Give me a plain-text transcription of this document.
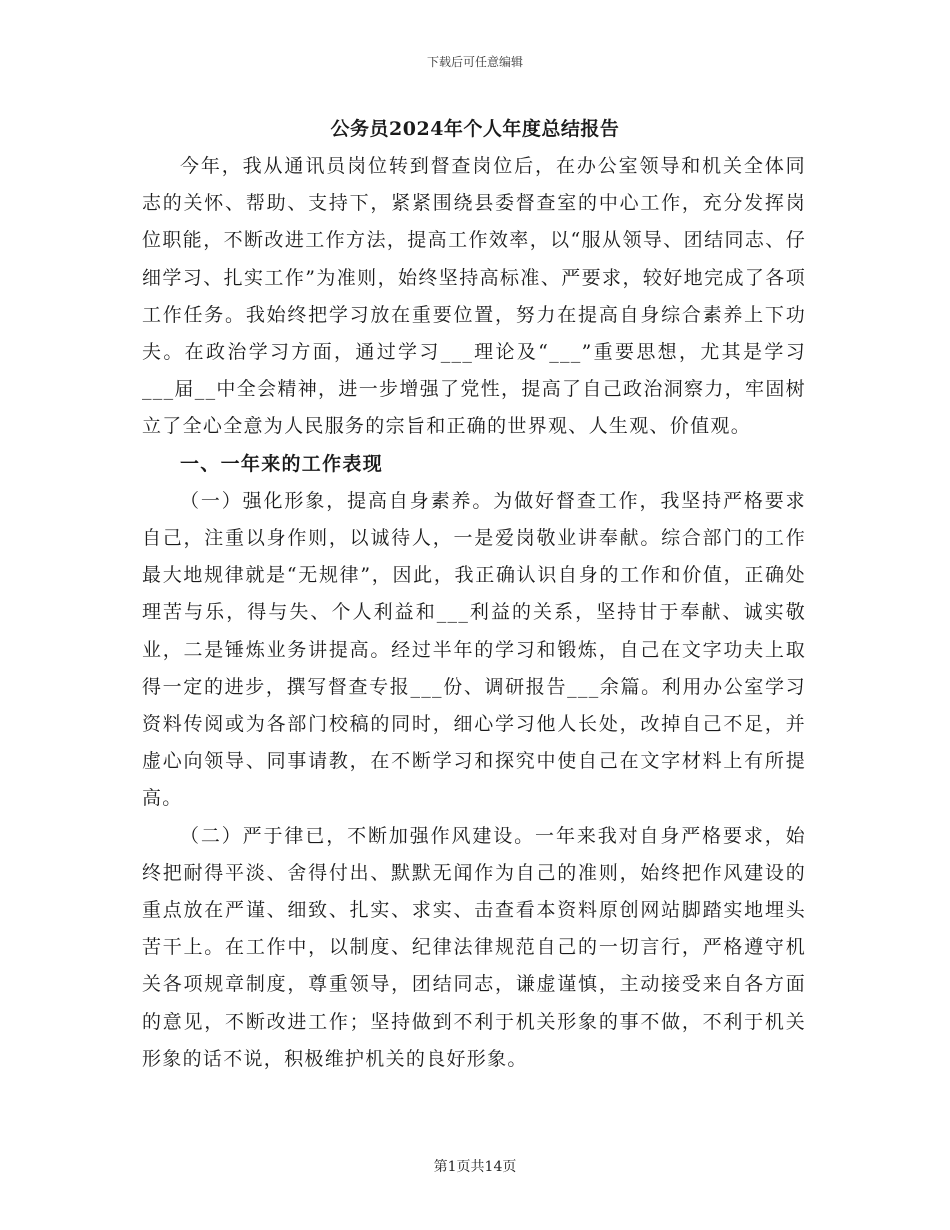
下载后可任意编辑
公务员2024年个人年度总结报告

今年，我从通讯员岗位转到督查岗位后，在办公室领导和机关全体同志的关怀、帮助、支持下，紧紧围绕县委督查室的中心工作，充分发挥岗位职能，不断改进工作方法，提高工作效率，以“服从领导、团结同志、仔细学习、扎实工作”为准则，始终坚持高标准、严要求，较好地完成了各项工作任务。我始终把学习放在重要位置，努力在提高自身综合素养上下功夫。在政治学习方面，通过学习___理论及“___”重要思想，尤其是学习___届__中全会精神，进一步增强了党性，提高了自己政治洞察力，牢固树立了全心全意为人民服务的宗旨和正确的世界观、人生观、价值观。

一、一年来的工作表现

（一）强化形象，提高自身素养。为做好督查工作，我坚持严格要求自己，注重以身作则，以诚待人，一是爱岗敬业讲奉献。综合部门的工作最大地规律就是“无规律”，因此，我正确认识自身的工作和价值，正确处理苦与乐，得与失、个人利益和___利益的关系，坚持甘于奉献、诚实敬业，二是锤炼业务讲提高。经过半年的学习和锻炼，自己在文字功夫上取得一定的进步，撰写督查专报___份、调研报告___余篇。利用办公室学习资料传阅或为各部门校稿的同时，细心学习他人长处，改掉自己不足，并虚心向领导、同事请教，在不断学习和探究中使自己在文字材料上有所提高。

（二）严于律已，不断加强作风建设。一年来我对自身严格要求，始终把耐得平淡、舍得付出、默默无闻作为自己的准则，始终把作风建设的重点放在严谨、细致、扎实、求实、击查看本资料原创网站脚踏实地埋头苦干上。在工作中，以制度、纪律法律规范自己的一切言行，严格遵守机关各项规章制度，尊重领导，团结同志，谦虚谨慎，主动接受来自各方面的意见，不断改进工作；坚持做到不利于机关形象的事不做，不利于机关形象的话不说，积极维护机关的良好形象。

第1页共14页
